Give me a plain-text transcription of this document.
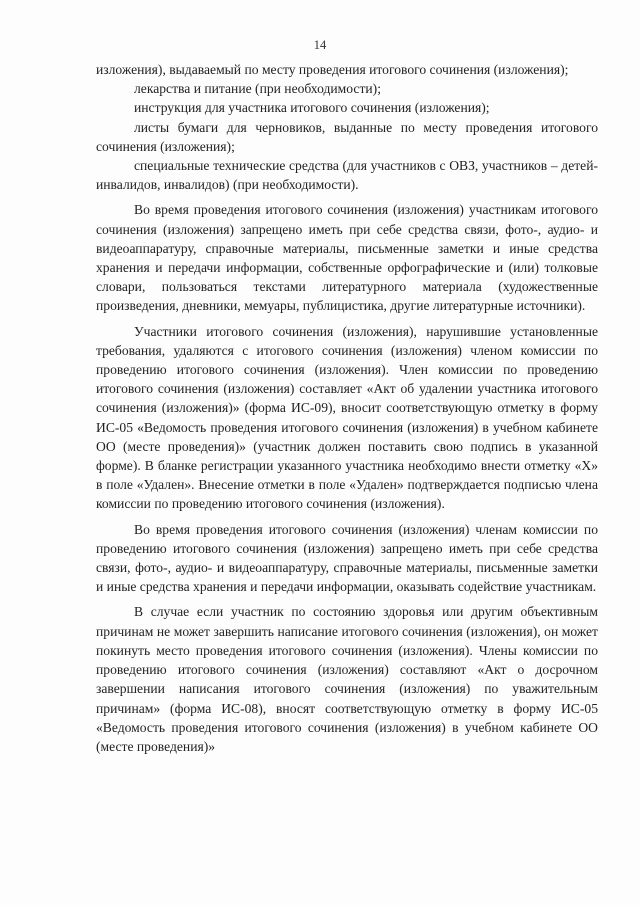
14

изложения), выдаваемый по месту проведения итогового сочинения (изложения);

лекарства и питание (при необходимости);

инструкция для участника итогового сочинения (изложения);

листы бумаги для черновиков, выданные по месту проведения итогового сочинения (изложения);

специальные технические средства (для участников с ОВЗ, участников – детей-инвалидов, инвалидов) (при необходимости).

Во время проведения итогового сочинения (изложения) участникам итогового сочинения (изложения) запрещено иметь при себе средства связи, фото-, аудио- и видеоаппаратуру, справочные материалы, письменные заметки и иные средства хранения и передачи информации, собственные орфографические и (или) толковые словари, пользоваться текстами литературного материала (художественные произведения, дневники, мемуары, публицистика, другие литературные источники).

Участники итогового сочинения (изложения), нарушившие установленные требования, удаляются с итогового сочинения (изложения) членом комиссии по проведению итогового сочинения (изложения). Член комиссии по проведению итогового сочинения (изложения) составляет «Акт об удалении участника итогового сочинения (изложения)» (форма ИС-09), вносит соответствующую отметку в форму ИС-05 «Ведомость проведения итогового сочинения (изложения) в учебном кабинете ОО (месте проведения)» (участник должен поставить свою подпись в указанной форме). В бланке регистрации указанного участника необходимо внести отметку «Х» в поле «Удален». Внесение отметки в поле «Удален» подтверждается подписью члена комиссии по проведению итогового сочинения (изложения).

Во время проведения итогового сочинения (изложения) членам комиссии по проведению итогового сочинения (изложения) запрещено иметь при себе средства связи, фото-, аудио- и видеоаппаратуру, справочные материалы, письменные заметки и иные средства хранения и передачи информации, оказывать содействие участникам.

В случае если участник по состоянию здоровья или другим объективным причинам не может завершить написание итогового сочинения (изложения), он может покинуть место проведения итогового сочинения (изложения). Члены комиссии по проведению итогового сочинения (изложения) составляют «Акт о досрочном завершении написания итогового сочинения (изложения) по уважительным причинам» (форма ИС-08), вносят соответствующую отметку в форму ИС-05 «Ведомость проведения итогового сочинения (изложения) в учебном кабинете ОО (месте проведения)»
